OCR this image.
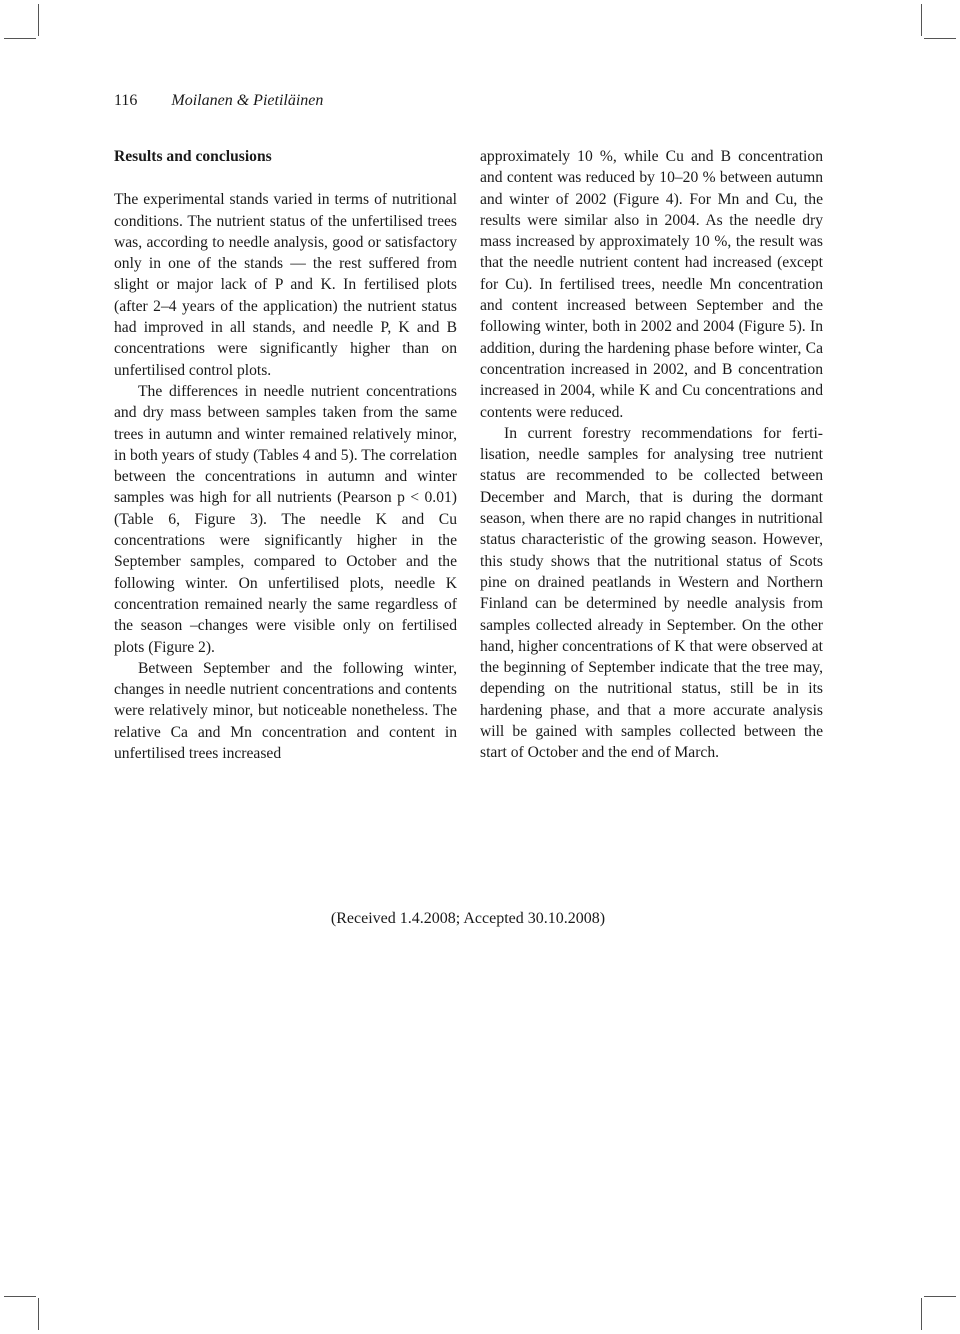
116 Moilanen & Pietiläinen
Results and conclusions

The experimental stands varied in terms of nutritional conditions. The nutrient status of the unfertilised trees was, according to needle analysis, good or satisfactory only in one of the stands — the rest suffered from slight or major lack of P and K. In fertilised plots (after 2–4 years of the application) the nutrient status had improved in all stands, and needle P, K and B concentrations were significantly higher than on unfertilised control plots.

The differences in needle nutrient concentrations and dry mass between samples taken from the same trees in autumn and winter remained relatively minor, in both years of study (Tables 4 and 5). The correlation between the concentrations in autumn and winter samples was high for all nutrients (Pearson p < 0.01) (Table 6, Figure 3). The needle K and Cu concentrations were significantly higher in the September samples, compared to October and the following winter. On unfertilised plots, needle K concentration remained nearly the same regardless of the season –changes were visible only on fertilised plots (Figure 2).

Between September and the following winter, changes in needle nutrient concentrations and contents were relatively minor, but noticeable nonetheless. The relative Ca and Mn concentration and content in unfertilised trees increased

approximately 10 %, while Cu and B concentration and content was reduced by 10–20 % between autumn and winter of 2002 (Figure 4). For Mn and Cu, the results were similar also in 2004. As the needle dry mass increased by approximately 10 %, the result was that the needle nutrient content had increased (except for Cu). In fertilised trees, needle Mn concentration and content increased between September and the following winter, both in 2002 and 2004 (Figure 5). In addition, during the hardening phase before winter, Ca concentration increased in 2002, and B concentration increased in 2004, while K and Cu concentrations and contents were reduced.

In current forestry recommendations for fertilisation, needle samples for analysing tree nutrient status are recommended to be collected between December and March, that is during the dormant season, when there are no rapid changes in nutritional status characteristic of the growing season. However, this study shows that the nutritional status of Scots pine on drained peatlands in Western and Northern Finland can be determined by needle analysis from samples collected already in September. On the other hand, higher concentrations of K that were observed at the beginning of September indicate that the tree may, depending on the nutritional status, still be in its hardening phase, and that a more accurate analysis will be gained with samples collected between the start of October and the end of March.

(Received 1.4.2008; Accepted 30.10.2008)
